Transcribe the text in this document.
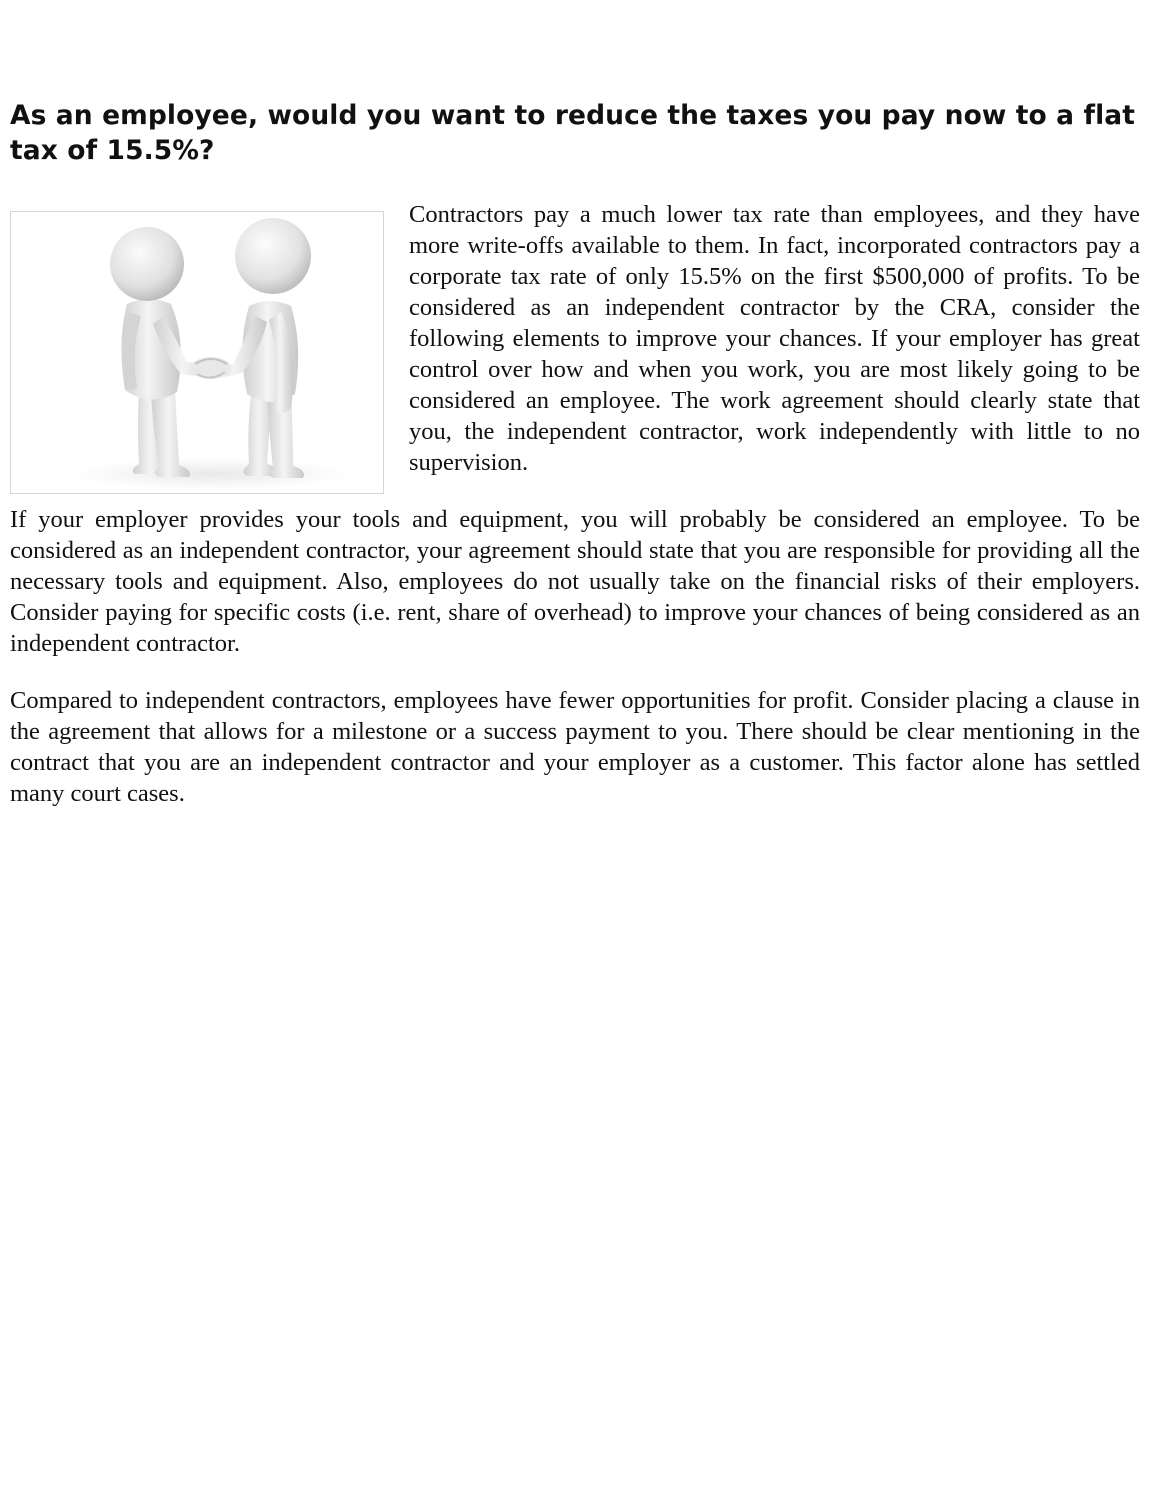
As an employee, would you want to reduce the taxes you pay now to a flat tax of 15.5%?

Contractors pay a much lower tax rate than employees, and they have more write-offs available to them. In fact, incorporated contractors pay a corporate tax rate of only 15.5% on the first $500,000 of profits. To be considered as an independent contractor by the CRA, consider the following elements to improve your chances. If your employer has great control over how and when you work, you are most likely going to be considered an employee. The work agreement should clearly state that you, the independent contractor, work independently with little to no supervision.

If your employer provides your tools and equipment, you will probably be considered an employee. To be considered as an independent contractor, your agreement should state that you are responsible for providing all the necessary tools and equipment. Also, employees do not usually take on the financial risks of their employers. Consider paying for specific costs (i.e. rent, share of overhead) to improve your chances of being considered as an independent contractor.

Compared to independent contractors, employees have fewer opportunities for profit. Consider placing a clause in the agreement that allows for a milestone or a success payment to you. There should be clear mentioning in the contract that you are an independent contractor and your employer as a customer. This factor alone has settled many court cases.
